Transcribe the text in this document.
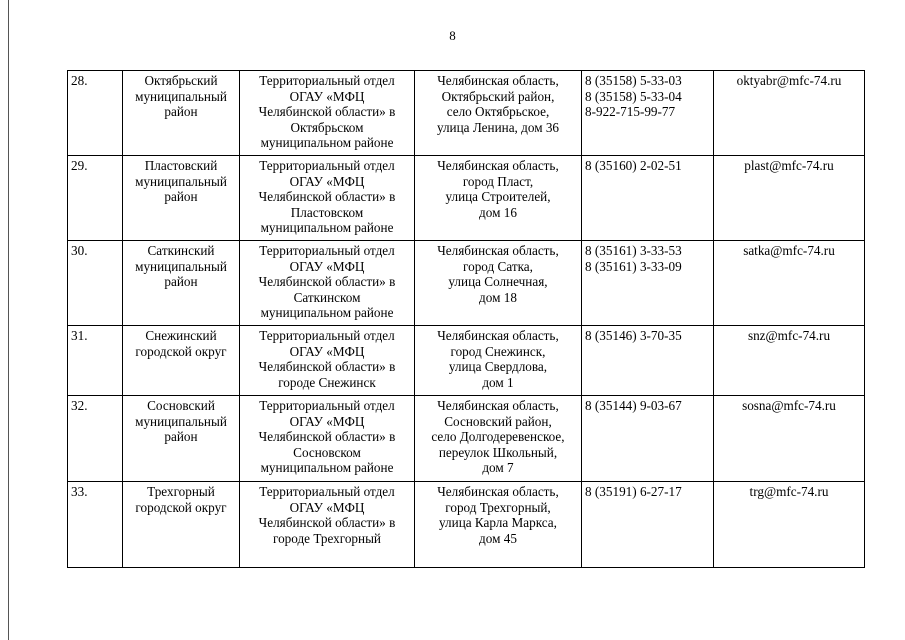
8
28.	Октябрьский
муниципальный
район	Территориальный отдел
ОГАУ «МФЦ
Челябинской области» в
Октябрьском
муниципальном районе	Челябинская область,
Октябрьский район,
село Октябрьское,
улица Ленина, дом 36	8 (35158) 5-33-03
8 (35158) 5-33-04
8-922-715-99-77	oktyabr@mfc-74.ru
29.	Пластовский
муниципальный
район	Территориальный отдел
ОГАУ «МФЦ
Челябинской области» в
Пластовском
муниципальном районе	Челябинская область,
город Пласт,
улица Строителей,
дом 16	8 (35160) 2-02-51	plast@mfc-74.ru
30.	Саткинский
муниципальный
район	Территориальный отдел
ОГАУ «МФЦ
Челябинской области» в
Саткинском
муниципальном районе	Челябинская область,
город Сатка,
улица Солнечная,
дом 18	8 (35161) 3-33-53
8 (35161) 3-33-09	satka@mfc-74.ru
31.	Снежинский
городской округ	Территориальный отдел
ОГАУ «МФЦ
Челябинской области» в
городе Снежинск	Челябинская область,
город Снежинск,
улица Свердлова,
дом 1	8 (35146) 3-70-35	snz@mfc-74.ru
32.	Сосновский
муниципальный
район	Территориальный отдел
ОГАУ «МФЦ
Челябинской области» в
Сосновском
муниципальном районе	Челябинская область,
Сосновский район,
село Долгодеревенское,
переулок Школьный,
дом 7	8 (35144) 9-03-67	sosna@mfc-74.ru
33.	Трехгорный
городской округ	Территориальный отдел
ОГАУ «МФЦ
Челябинской области» в
городе Трехгорный	Челябинская область,
город Трехгорный,
улица Карла Маркса,
дом 45	8 (35191) 6-27-17	trg@mfc-74.ru
